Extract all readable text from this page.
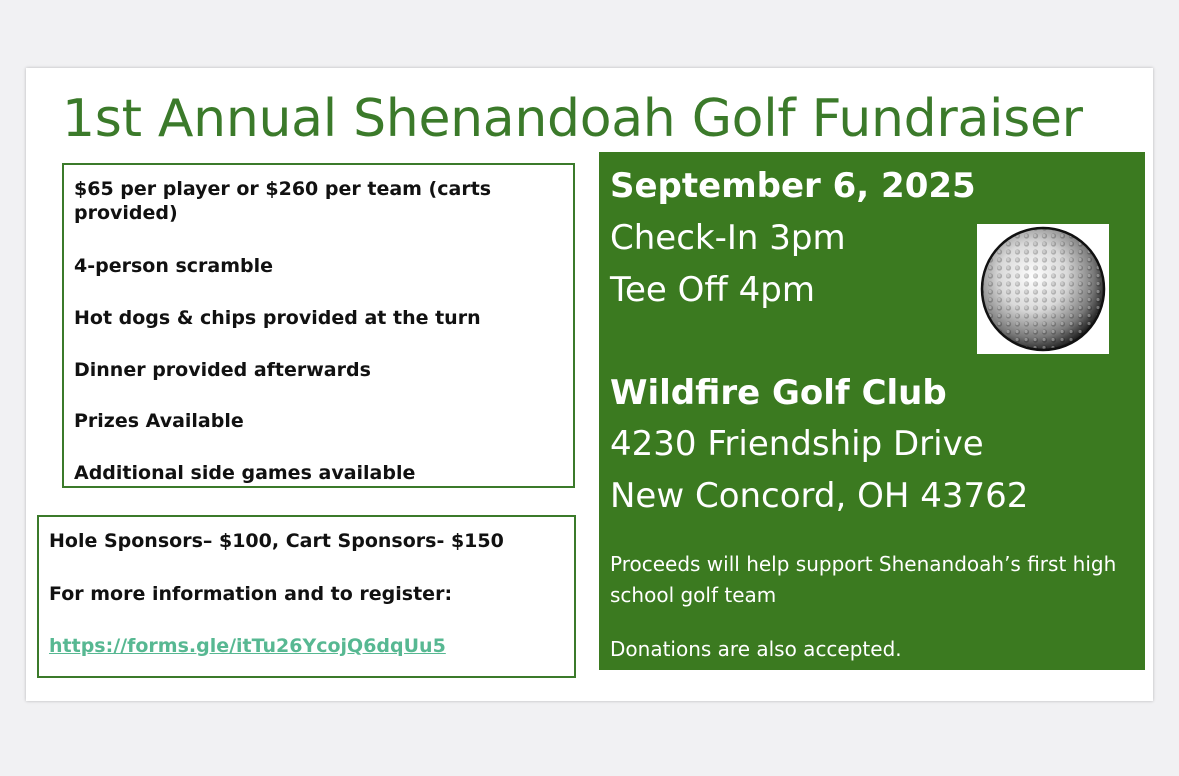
1st Annual Shenandoah Golf Fundraiser

$65 per player or $260 per team (carts provided)

4-person scramble

Hot dogs & chips provided at the turn

Dinner provided afterwards

Prizes Available

Additional side games available

Hole Sponsors– $100, Cart Sponsors- $150

For more information and to register:

https://forms.gle/itTu26YcojQ6dqUu5

September 6, 2025

Check-In 3pm

Tee Off 4pm

Wildfire Golf Club

4230 Friendship Drive

New Concord, OH 43762

Proceeds will help support Shenandoah’s first high school golf team

Donations are also accepted.
